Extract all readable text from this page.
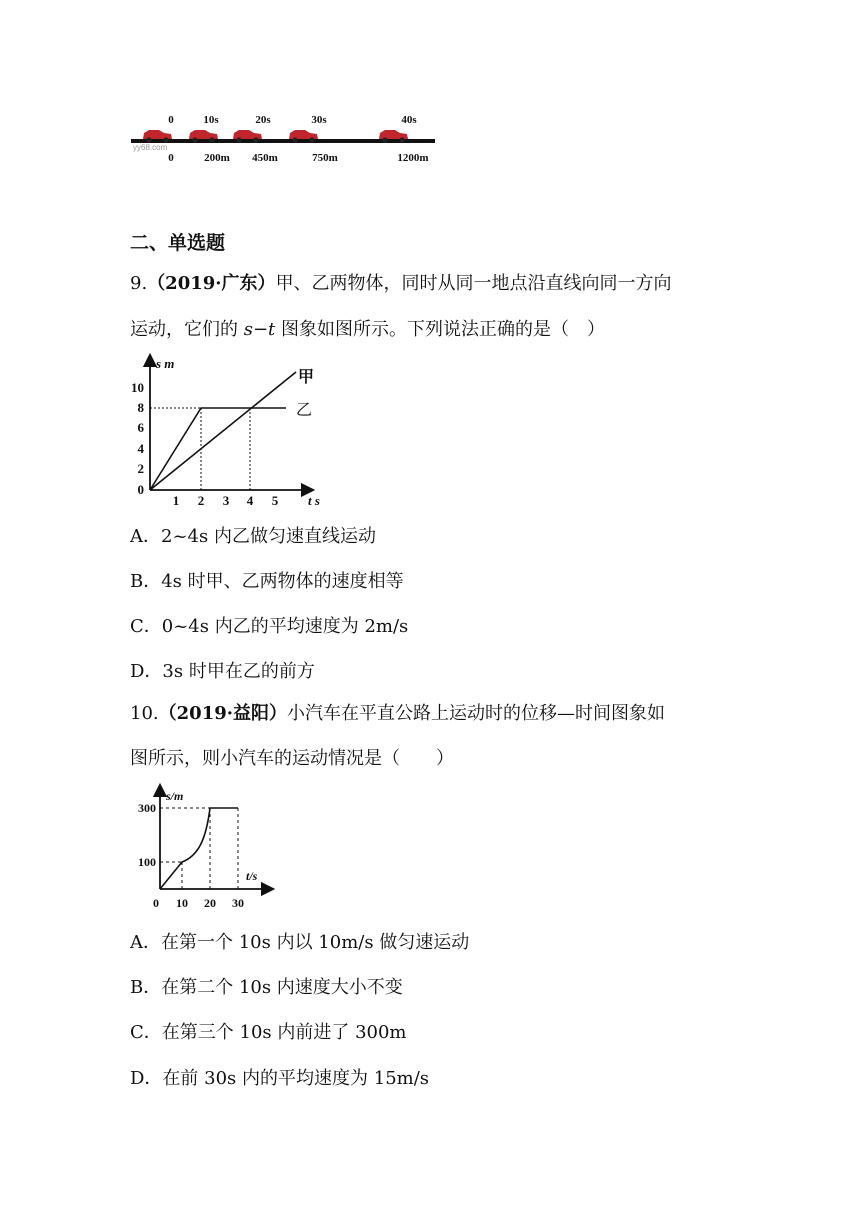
0	10s	20s	30s	40s
0	200m 450m	750m	1200m
yy68.com
二、单选题
9.（2019·广东）甲、乙两物体，同时从同一地点沿直线向同一方向
运动，它们的 s−t 图象如图所示。下列说法正确的是（　）
s m
t s
10
8
6
4
2
0
1 2 3 4 5
甲
乙
A．2~4s 内乙做匀速直线运动
B．4s 时甲、乙两物体的速度相等
C．0~4s 内乙的平均速度为 2m/s
D．3s 时甲在乙的前方
10.（2019·益阳）小汽车在平直公路上运动时的位移—时间图象如
图所示，则小汽车的运动情况是（　　）
s/m
t/s
300
100
0 10 20 30
A．在第一个 10s 内以 10m/s 做匀速运动
B．在第二个 10s 内速度大小不变
C．在第三个 10s 内前进了 300m
D．在前 30s 内的平均速度为 15m/s
